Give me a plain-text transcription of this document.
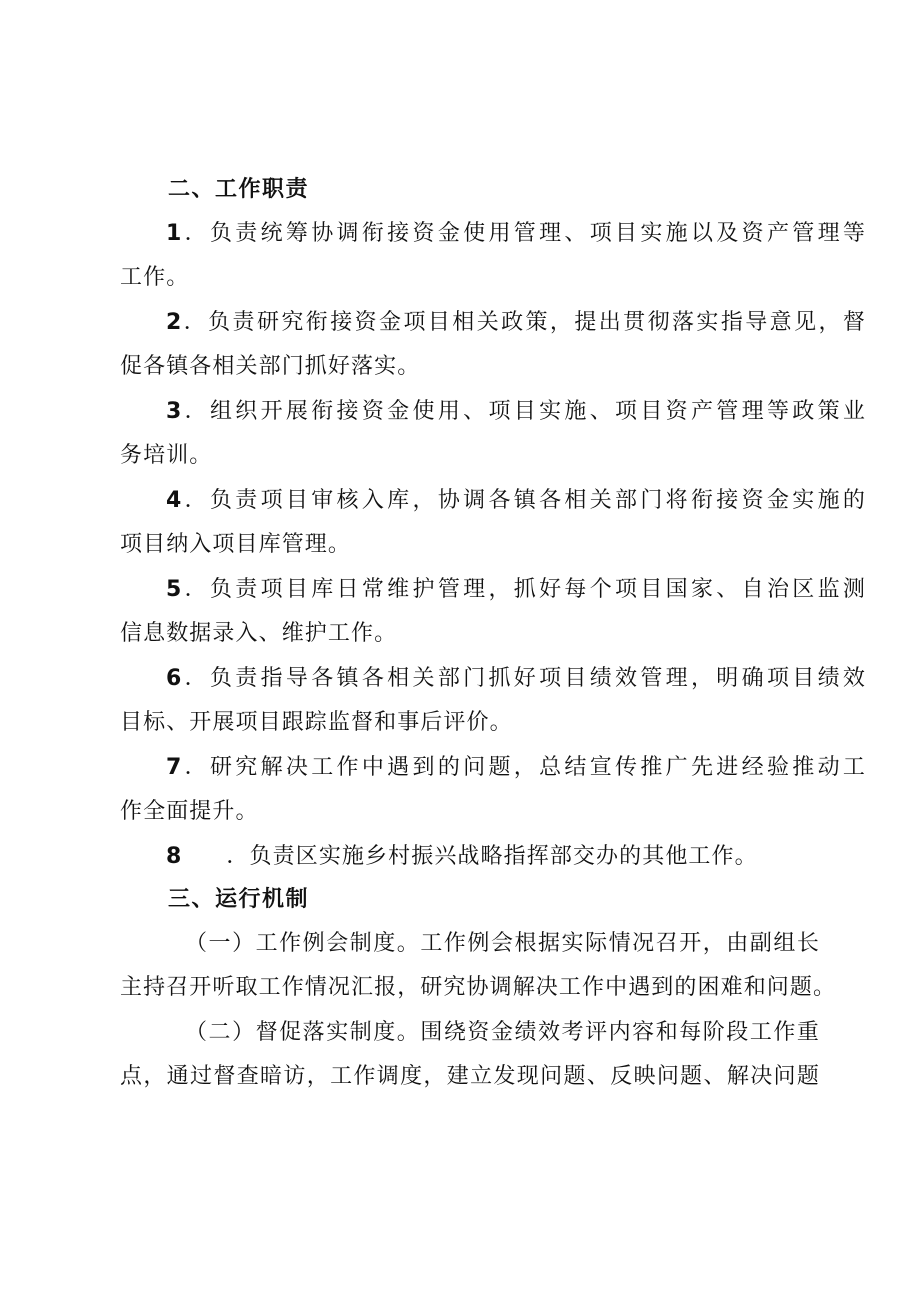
二、工作职责
1．负责统筹协调衔接资金使用管理、项目实施以及资产管理等
工作。
2．负责研究衔接资金项目相关政策，提出贯彻落实指导意见，督
促各镇各相关部门抓好落实。
3．组织开展衔接资金使用、项目实施、项目资产管理等政策业
务培训。
4．负责项目审核入库，协调各镇各相关部门将衔接资金实施的
项目纳入项目库管理。
5．负责项目库日常维护管理，抓好每个项目国家、自治区监测
信息数据录入、维护工作。
6．负责指导各镇各相关部门抓好项目绩效管理，明确项目绩效
目标、开展项目跟踪监督和事后评价。
7．研究解决工作中遇到的问题，总结宣传推广先进经验推动工
作全面提升。
8 ．负责区实施乡村振兴战略指挥部交办的其他工作。
三、运行机制
（一）工作例会制度。工作例会根据实际情况召开，由副组长
主持召开听取工作情况汇报，研究协调解决工作中遇到的困难和问题。
（二）督促落实制度。围绕资金绩效考评内容和每阶段工作重
点，通过督查暗访，工作调度，建立发现问题、反映问题、解决问题
